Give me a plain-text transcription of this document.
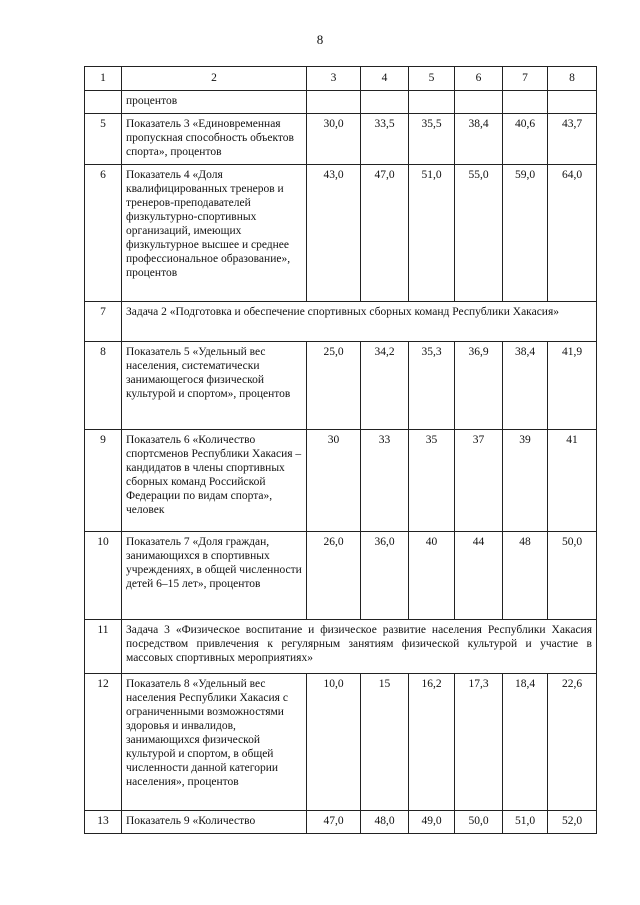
8
1	2	3	4	5	6	7	8
	процентов						
5	Показатель 3 «Единовременная пропускная способность объектов спорта», процентов	30,0	33,5	35,5	38,4	40,6	43,7
6	Показатель 4 «Доля квалифицированных тренеров и тренеров-преподавателей физкультурно-спортивных организаций, имеющих физкультурное высшее и среднее профессиональное образование», процентов	43,0	47,0	51,0	55,0	59,0	64,0
7	Задача 2 «Подготовка и обеспечение спортивных сборных команд Республики Хакасия»						
8	Показатель 5 «Удельный вес населения, систематически занимающегося физической культурой и спортом», процентов	25,0	34,2	35,3	36,9	38,4	41,9
9	Показатель 6 «Количество спортсменов Республики Хакасия – кандидатов в члены спортивных сборных команд Российской Федерации по видам спорта», человек	30	33	35	37	39	41
10	Показатель 7 «Доля граждан, занимающихся в спортивных учреждениях, в общей численности детей 6–15 лет», процентов	26,0	36,0	40	44	48	50,0
11	Задача 3 «Физическое воспитание и физическое развитие населения Республики Хакасия посредством привлечения к регулярным занятиям физической культурой и участие в массовых спортивных мероприятиях»						
12	Показатель 8 «Удельный вес населения Республики Хакасия с ограниченными возможностями здоровья и инвалидов, занимающихся физической культурой и спортом, в общей численности данной категории населения», процентов	10,0	15	16,2	17,3	18,4	22,6
13	Показатель 9 «Количество	47,0	48,0	49,0	50,0	51,0	52,0
